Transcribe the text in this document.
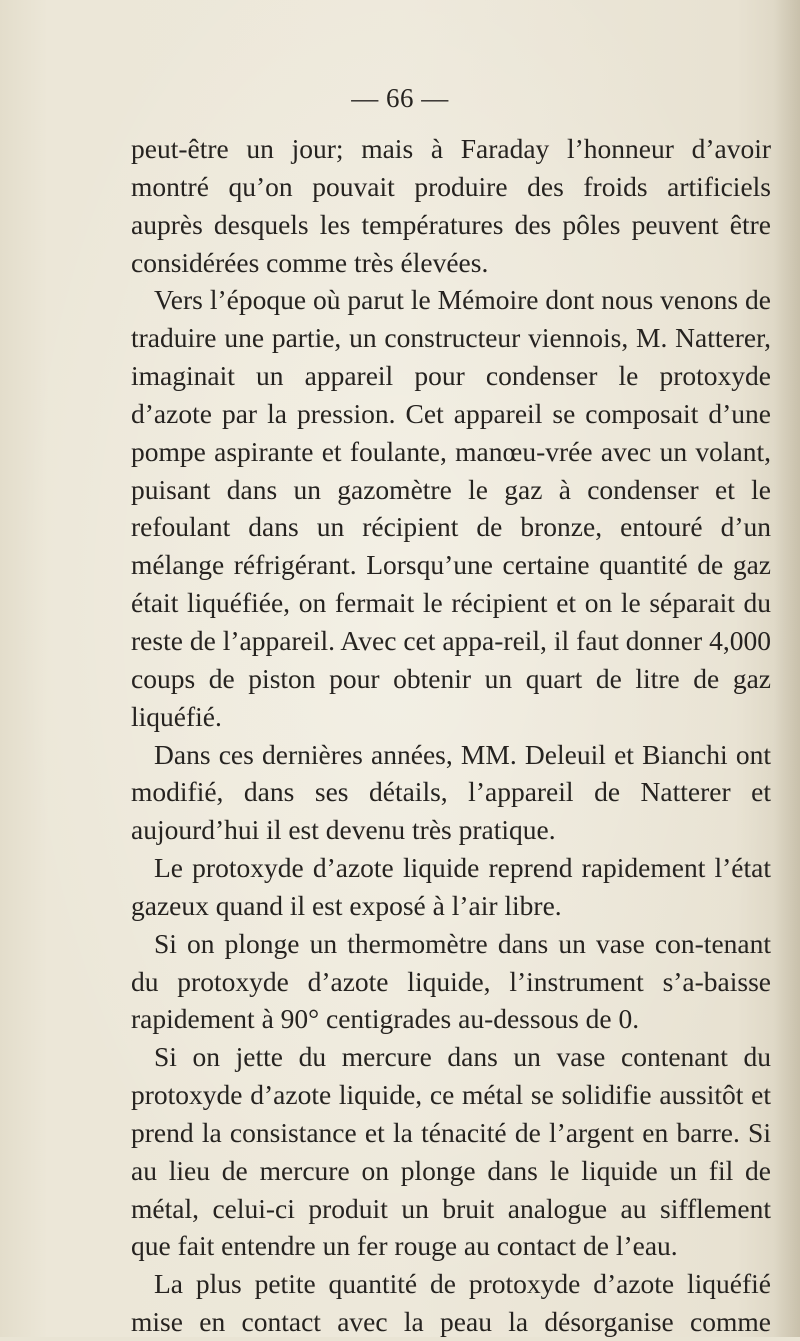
— 66 —

peut-être un jour; mais à Faraday l’honneur d’avoir montré qu’on pouvait produire des froids artificiels auprès desquels les températures des pôles peuvent être considérées comme très élevées.

Vers l’époque où parut le Mémoire dont nous venons de traduire une partie, un constructeur viennois, M. Natterer, imaginait un appareil pour condenser le protoxyde d’azote par la pression. Cet appareil se composait d’une pompe aspirante et foulante, manœu-vrée avec un volant, puisant dans un gazomètre le gaz à condenser et le refoulant dans un récipient de bronze, entouré d’un mélange réfrigérant. Lorsqu’une certaine quantité de gaz était liquéfiée, on fermait le récipient et on le séparait du reste de l’appareil. Avec cet appa-reil, il faut donner 4,000 coups de piston pour obtenir un quart de litre de gaz liquéfié.

Dans ces dernières années, MM. Deleuil et Bianchi ont modifié, dans ses détails, l’appareil de Natterer et aujourd’hui il est devenu très pratique.

Le protoxyde d’azote liquide reprend rapidement l’état gazeux quand il est exposé à l’air libre.

Si on plonge un thermomètre dans un vase con-tenant du protoxyde d’azote liquide, l’instrument s’a-baisse rapidement à 90° centigrades au-dessous de 0.

Si on jette du mercure dans un vase contenant du protoxyde d’azote liquide, ce métal se solidifie aussitôt et prend la consistance et la ténacité de l’argent en barre. Si au lieu de mercure on plonge dans le liquide un fil de métal, celui-ci produit un bruit analogue au sifflement que fait entendre un fer rouge au contact de l’eau.

La plus petite quantité de protoxyde d’azote liquéfié mise en contact avec la peau la désorganise comme
